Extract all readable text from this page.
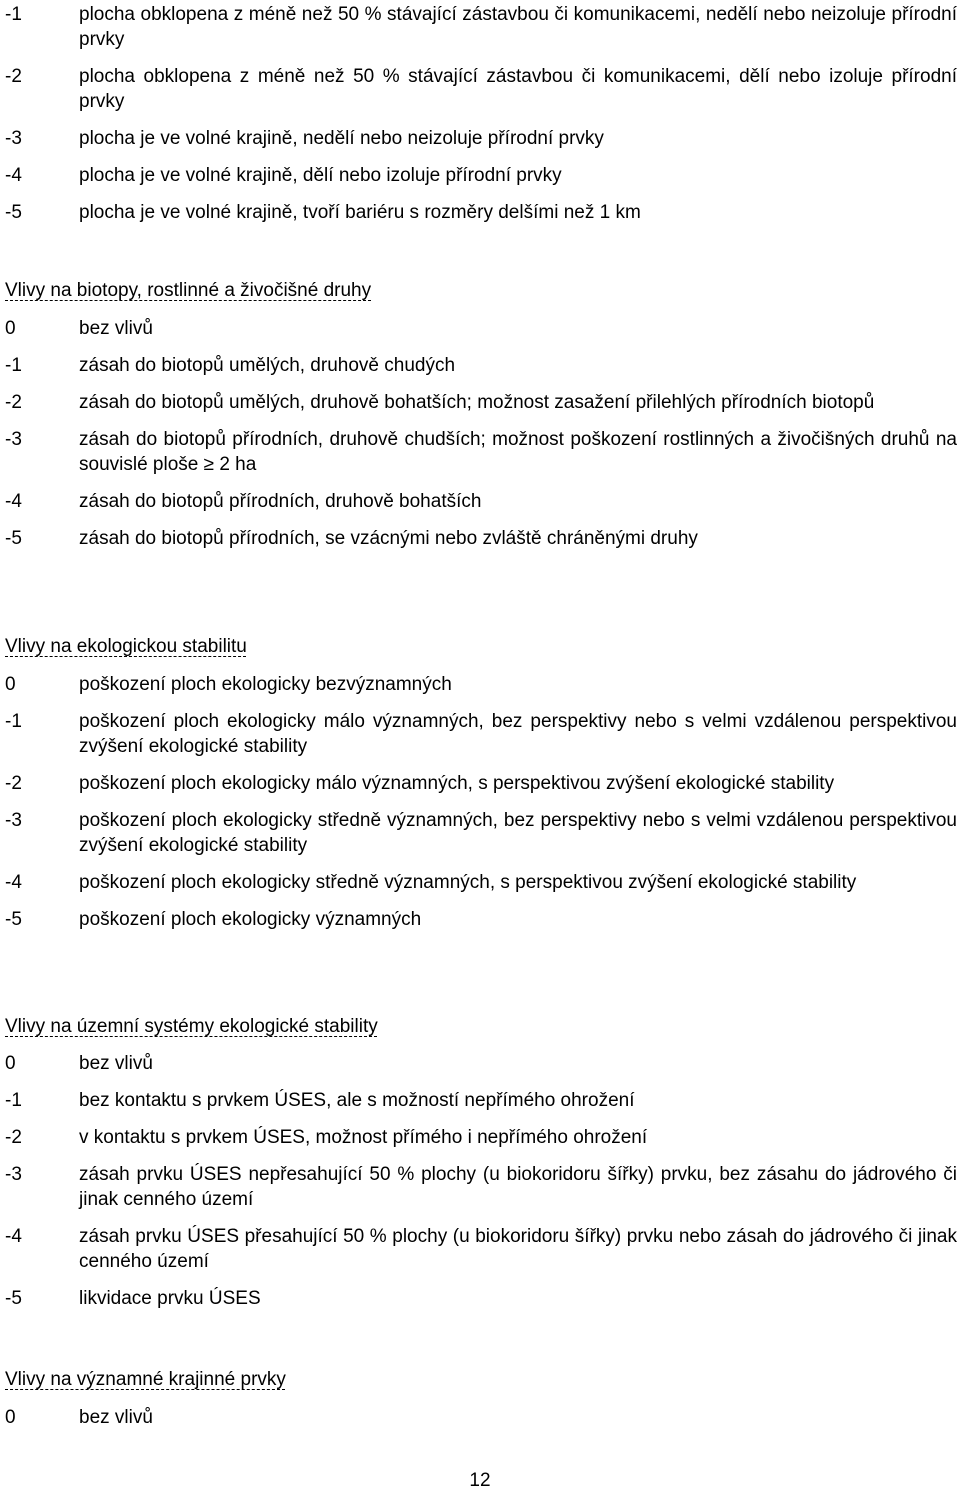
-1	plocha obklopena z méně než 50 % stávající zástavbou či komunikacemi, nedělí nebo neizoluje přírodní prvky
-2	plocha obklopena z méně než 50 % stávající zástavbou či komunikacemi, dělí nebo izoluje přírodní prvky
-3	plocha je ve volné krajině, nedělí nebo neizoluje přírodní prvky
-4	plocha je ve volné krajině, dělí nebo izoluje přírodní prvky
-5	plocha je ve volné krajině, tvoří bariéru s rozměry delšími než 1 km
Vlivy na biotopy, rostlinné a živočišné druhy
0	bez vlivů
-1	zásah do biotopů umělých, druhově chudých
-2	zásah do biotopů umělých, druhově bohatších; možnost zasažení přilehlých přírodních biotopů
-3	zásah do biotopů přírodních, druhově chudších; možnost poškození rostlinných a živočišných druhů na souvislé ploše ≥ 2 ha
-4	zásah do biotopů přírodních, druhově bohatších
-5	zásah do biotopů přírodních, se vzácnými nebo zvláště chráněnými druhy
Vlivy na ekologickou stabilitu
0	poškození ploch ekologicky bezvýznamných
-1	poškození ploch ekologicky málo významných, bez perspektivy nebo s velmi vzdálenou perspektivou zvýšení ekologické stability
-2	poškození ploch ekologicky málo významných, s perspektivou zvýšení ekologické stability
-3	poškození ploch ekologicky středně významných, bez perspektivy nebo s velmi vzdálenou perspektivou zvýšení ekologické stability
-4	poškození ploch ekologicky středně významných, s perspektivou zvýšení ekologické stability
-5	poškození ploch ekologicky významných
Vlivy na územní systémy ekologické stability
0	bez vlivů
-1	bez kontaktu s prvkem ÚSES, ale s možností nepřímého ohrožení
-2	v kontaktu s prvkem ÚSES, možnost přímého i nepřímého ohrožení
-3	zásah prvku ÚSES nepřesahující 50 % plochy (u biokoridoru šířky) prvku, bez zásahu do jádrového či jinak cenného území
-4	zásah prvku ÚSES přesahující 50 % plochy (u biokoridoru šířky) prvku nebo zásah do jádrového či jinak cenného území
-5	likvidace prvku ÚSES
Vlivy na významné krajinné prvky
0	bez vlivů
12
